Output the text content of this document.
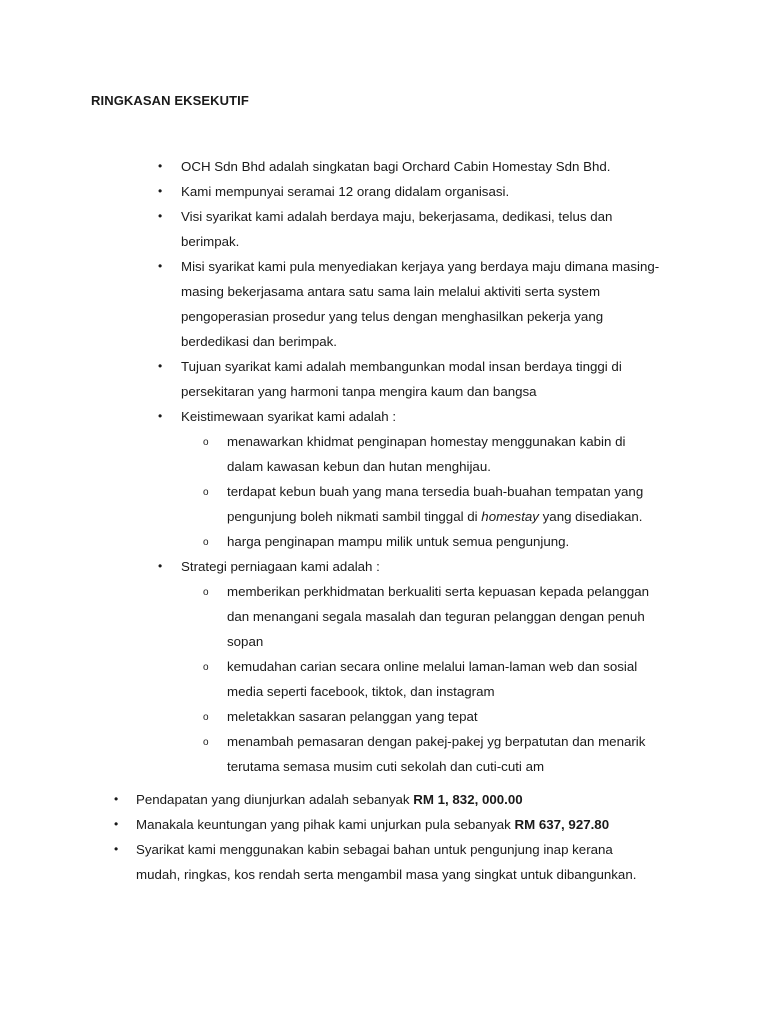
RINGKASAN EKSEKUTIF
• OCH Sdn Bhd adalah singkatan bagi Orchard Cabin Homestay Sdn Bhd.
• Kami mempunyai seramai 12 orang didalam organisasi.
• Visi syarikat kami adalah berdaya maju, bekerjasama, dedikasi, telus dan
berimpak.
• Misi syarikat kami pula menyediakan kerjaya yang berdaya maju dimana masing-
masing bekerjasama antara satu sama lain melalui aktiviti serta system
pengoperasian prosedur yang telus dengan menghasilkan pekerja yang
berdedikasi dan berimpak.
• Tujuan syarikat kami adalah membangunkan modal insan berdaya tinggi di
persekitaran yang harmoni tanpa mengira kaum dan bangsa
• Keistimewaan syarikat kami adalah :
o menawarkan khidmat penginapan homestay menggunakan kabin di
dalam kawasan kebun dan hutan menghijau.
o terdapat kebun buah yang mana tersedia buah-buahan tempatan yang
pengunjung boleh nikmati sambil tinggal di homestay yang disediakan.
o harga penginapan mampu milik untuk semua pengunjung.
• Strategi perniagaan kami adalah :
o memberikan perkhidmatan berkualiti serta kepuasan kepada pelanggan
dan menangani segala masalah dan teguran pelanggan dengan penuh
sopan
o kemudahan carian secara online melalui laman-laman web dan sosial
media seperti facebook, tiktok, dan instagram
o meletakkan sasaran pelanggan yang tepat
o menambah pemasaran dengan pakej-pakej yg berpatutan dan menarik
terutama semasa musim cuti sekolah dan cuti-cuti am
• Pendapatan yang diunjurkan adalah sebanyak RM 1, 832, 000.00
• Manakala keuntungan yang pihak kami unjurkan pula sebanyak RM 637, 927.80
• Syarikat kami menggunakan kabin sebagai bahan untuk pengunjung inap kerana
mudah, ringkas, kos rendah serta mengambil masa yang singkat untuk dibangunkan.
